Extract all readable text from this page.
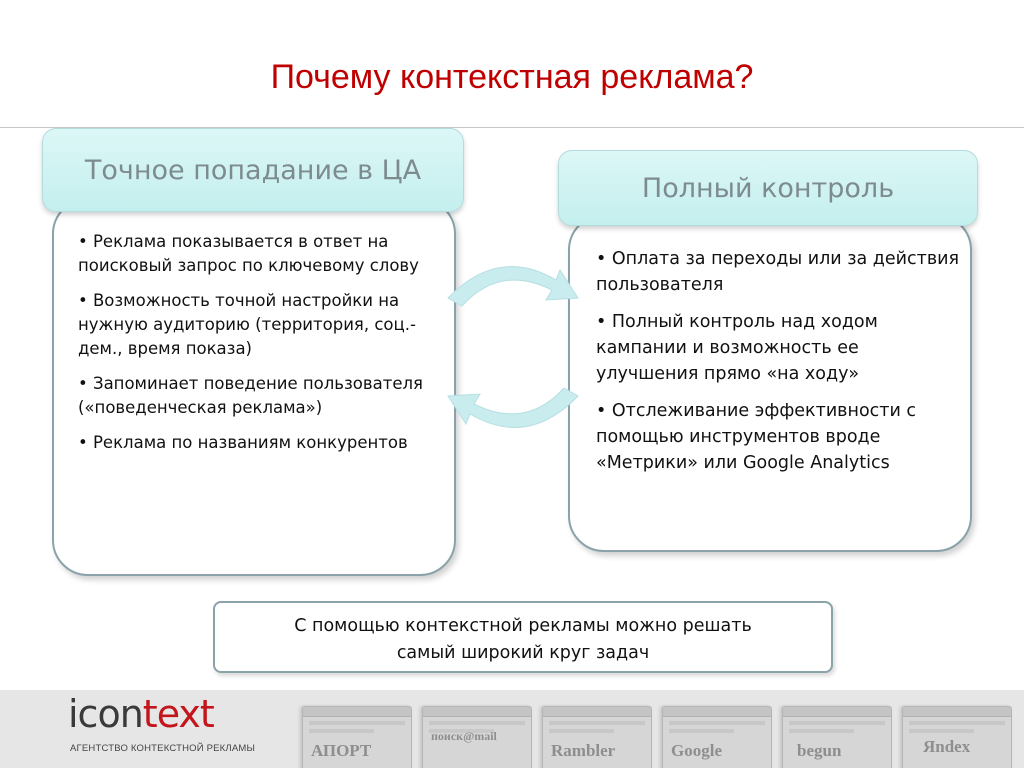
Почему контекстная реклама?
Точное попадание в ЦА
• Реклама показывается в ответ на поисковый запрос по ключевому слову
• Возможность точной настройки на нужную аудиторию (территория, соц.-дем., время показа)
• Запоминает поведение пользователя («поведенческая реклама»)
• Реклама по названиям конкурентов
Полный контроль
• Оплата за переходы или за действия пользователя
• Полный контроль над ходом кампании и возможность ее улучшения прямо «на ходу»
• Отслеживание эффективности с помощью инструментов вроде «Метрики» или Google Analytics
С помощью контекстной рекламы можно решать
самый широкий круг задач
icontext
АГЕНТСТВО КОНТЕКСТНОЙ РЕКЛАМЫ	АПОРТ
поиск@mail
Rambler	Google	begun	Яndex
